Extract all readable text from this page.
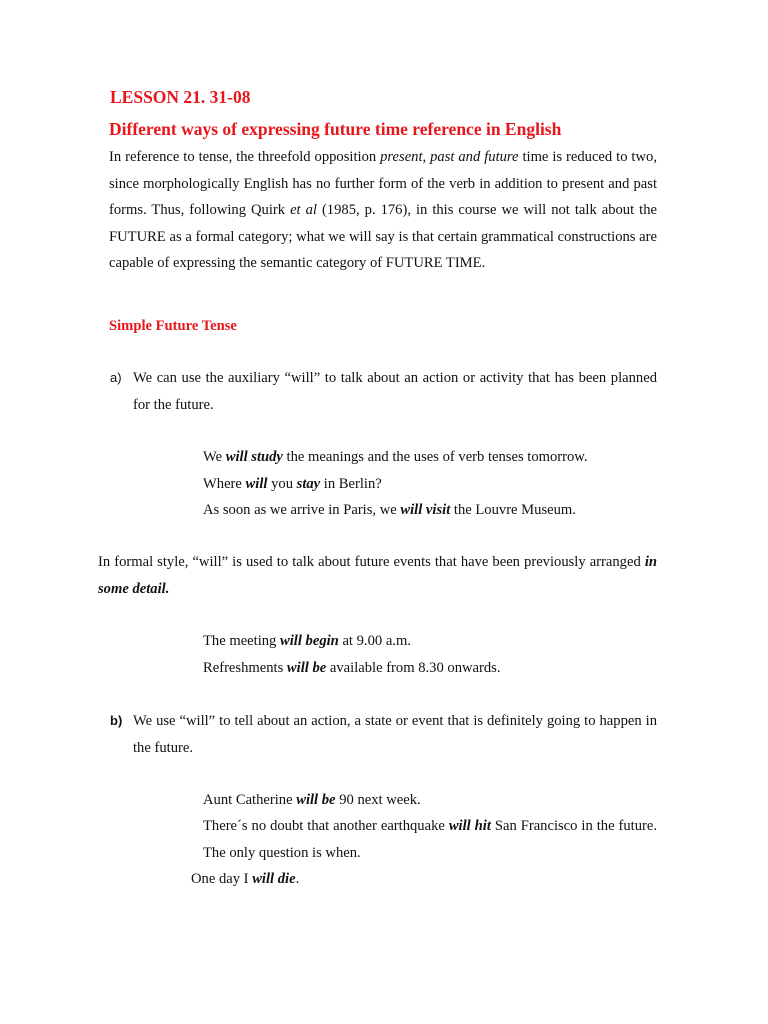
LESSON 21. 31-08
Different ways of expressing future time reference in English

In reference to tense, the threefold opposition present, past and future time is reduced to two, since morphologically English has no further form of the verb in addition to present and past forms. Thus, following Quirk et al (1985, p. 176), in this course we will not talk about the FUTURE as a formal category; what we will say is that certain grammatical constructions are capable of expressing the semantic category of FUTURE TIME.

Simple Future Tense
a) We can use the auxiliary “will” to talk about an action or activity that has been planned for the future.

We will study the meanings and the uses of verb tenses tomorrow.

Where will you stay in Berlin?

As soon as we arrive in Paris, we will visit the Louvre Museum.

In formal style, “will” is used to talk about future events that have been previously arranged in some detail.

The meeting will begin at 9.00 a.m.

Refreshments will be available from 8.30 onwards.

b) We use “will” to tell about an action, a state or event that is definitely going to happen in the future.

Aunt Catherine will be 90 next week.

There´s no doubt that another earthquake will hit San Francisco in the future. The only question is when.

One day I will die.
